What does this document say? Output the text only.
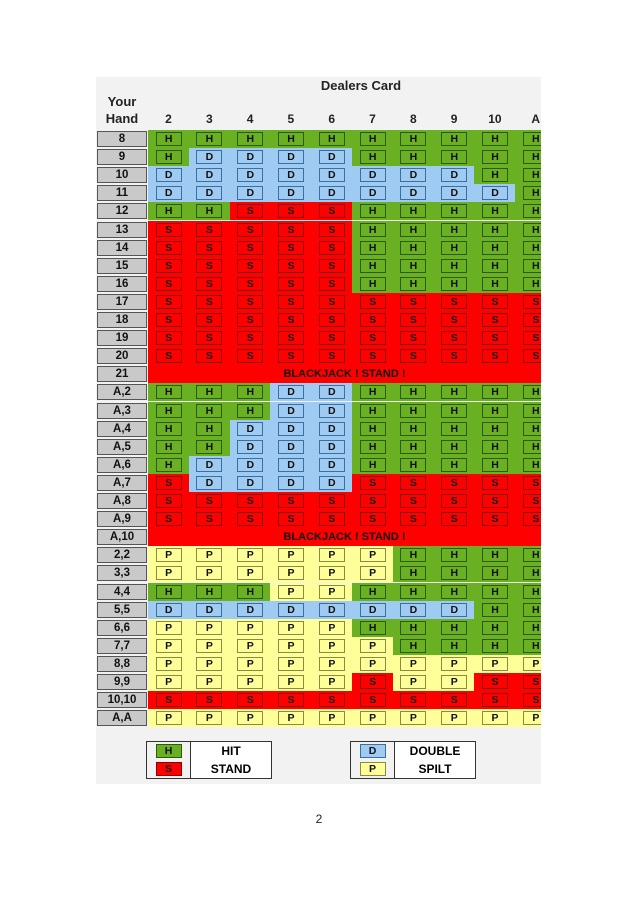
Dealers Card
Your
Hand	2	3	4	5	6	7	8	9	10	A
8	H	H	H	H	H	H	H	H	H	H
9	H	D	D	D	D	H	H	H	H	H
10	D	D	D	D	D	D	D	D	H	H
11	D	D	D	D	D	D	D	D	D	H
12	H	H	S	S	S	H	H	H	H	H
13	S	S	S	S	S	H	H	H	H	H
14	S	S	S	S	S	H	H	H	H	H
15	S	S	S	S	S	H	H	H	H	H
16	S	S	S	S	S	H	H	H	H	H
17	S	S	S	S	S	S	S	S	S	S
18	S	S	S	S	S	S	S	S	S	S
19	S	S	S	S	S	S	S	S	S	S
20	S	S	S	S	S	S	S	S	S	S
21	BLACKJACK ! STAND !
A,2	H	H	H	D	D	H	H	H	H	H
A,3	H	H	H	D	D	H	H	H	H	H
A,4	H	H	D	D	D	H	H	H	H	H
A,5	H	H	D	D	D	H	H	H	H	H
A,6	H	D	D	D	D	H	H	H	H	H
A,7	S	D	D	D	D	S	S	S	S	S
A,8	S	S	S	S	S	S	S	S	S	S
A,9	S	S	S	S	S	S	S	S	S	S
A,10	BLACKJACK ! STAND !
2,2	P	P	P	P	P	P	H	H	H	H
3,3	P	P	P	P	P	P	H	H	H	H
4,4	H	H	H	P	P	H	H	H	H	H
5,5	D	D	D	D	D	D	D	D	H	H
6,6	P	P	P	P	P	H	H	H	H	H
7,7	P	P	P	P	P	P	H	H	H	H
8,8	P	P	P	P	P	P	P	P	P	P
9,9	P	P	P	P	P	S	P	P	S	S
10,10	S	S	S	S	S	S	S	S	S	S
A,A	P	P	P	P	P	P	P	P	P	P
H	HIT
S	STAND
D	DOUBLE
P	SPILT
2
